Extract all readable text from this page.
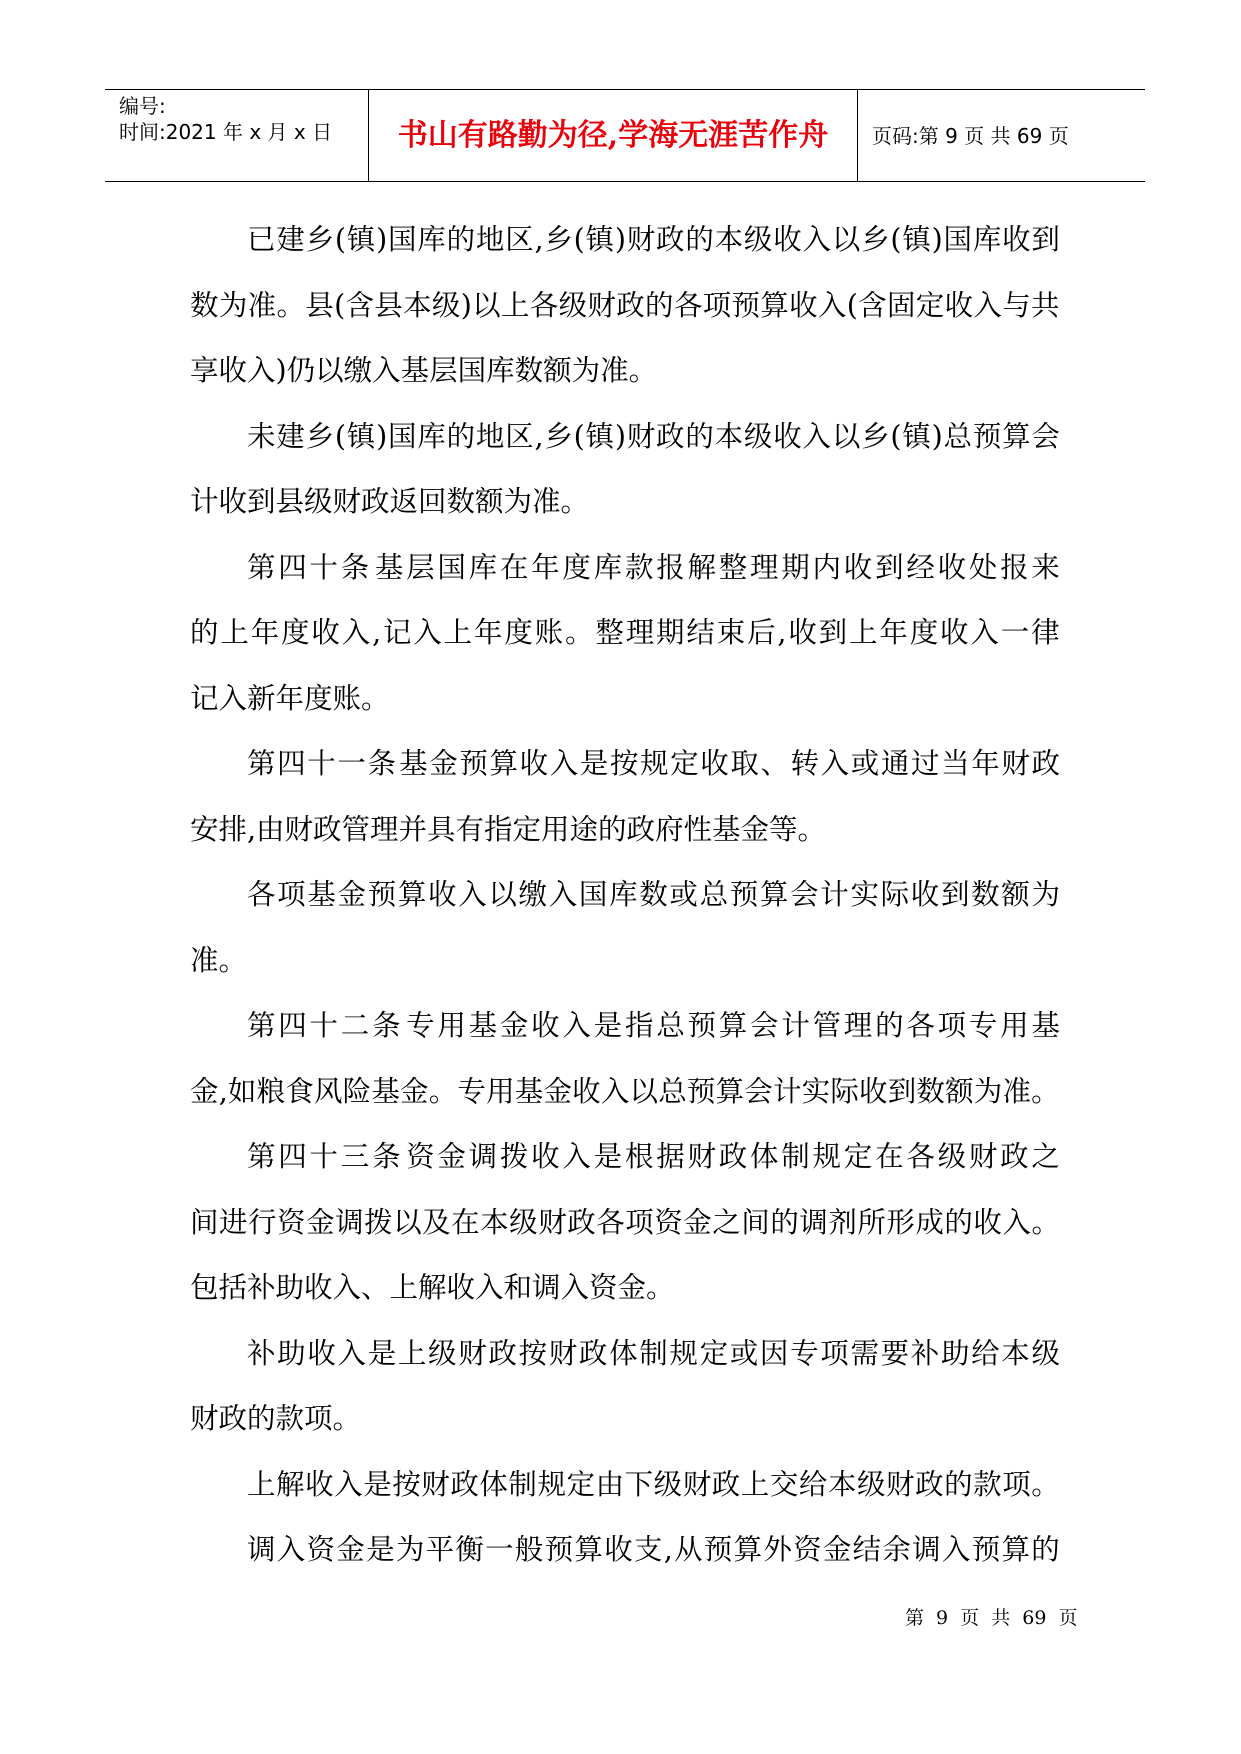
编号:
时间:2021 年 x 月 x 日	书山有路勤为径,学海无涯苦作舟	页码:第 9 页 共 69 页
已 建 乡 ( 镇 ) 国 库 的 地 区 , 乡 ( 镇 ) 财 政 的 本 级 收 入 以 乡 ( 镇 ) 国 库 收 到
数 为 准 。 县 ( 含 县 本 级 ) 以 上 各 级 财 政 的 各 项 预 算 收 入 ( 含 固 定 收 入 与 共
享收入)仍以缴入基层国库数额为准。
未 建 乡 ( 镇 ) 国 库 的 地 区 , 乡 ( 镇 ) 财 政 的 本 级 收 入 以 乡 ( 镇 ) 总 预 算 会
计收到县级财政返回数额为准。
第 四 十 条 基 层 国 库 在 年 度 库 款 报 解 整 理 期 内 收 到 经 收 处 报 来
的 上 年 度 收 入 , 记 入 上 年 度 账 。 整 理 期 结 束 后 , 收 到 上 年 度 收 入 一 律
记入新年度账。
第 四 十 一 条 基 金 预 算 收 入 是 按 规 定 收 取 、 转 入 或 通 过 当 年 财 政
安排,由财政管理并具有指定用途的政府性基金等。
各 项 基 金 预 算 收 入 以 缴 入 国 库 数 或 总 预 算 会 计 实 际 收 到 数 额 为
准。
第 四 十 二 条 专 用 基 金 收 入 是 指 总 预 算 会 计 管 理 的 各 项 专 用 基
金 , 如 粮 食 风 险 基 金 。 专 用 基 金 收 入 以 总 预 算 会 计 实 际 收 到 数 额 为 准 。
第 四 十 三 条 资 金 调 拨 收 入 是 根 据 财 政 体 制 规 定 在 各 级 财 政 之
间 进 行 资 金 调 拨 以 及 在 本 级 财 政 各 项 资 金 之 间 的 调 剂 所 形 成 的 收 入 。
包括补助收入、上解收入和调入资金。
补 助 收 入 是 上 级 财 政 按 财 政 体 制 规 定 或 因 专 项 需 要 补 助 给 本 级
财政的款项。
上 解 收 入 是 按 财 政 体 制 规 定 由 下 级 财 政 上 交 给 本 级 财 政 的 款 项 。
调 入 资 金 是 为 平 衡 一 般 预 算 收 支 , 从 预 算 外 资 金 结 余 调 入 预 算 的
第 9 页 共 69 页
